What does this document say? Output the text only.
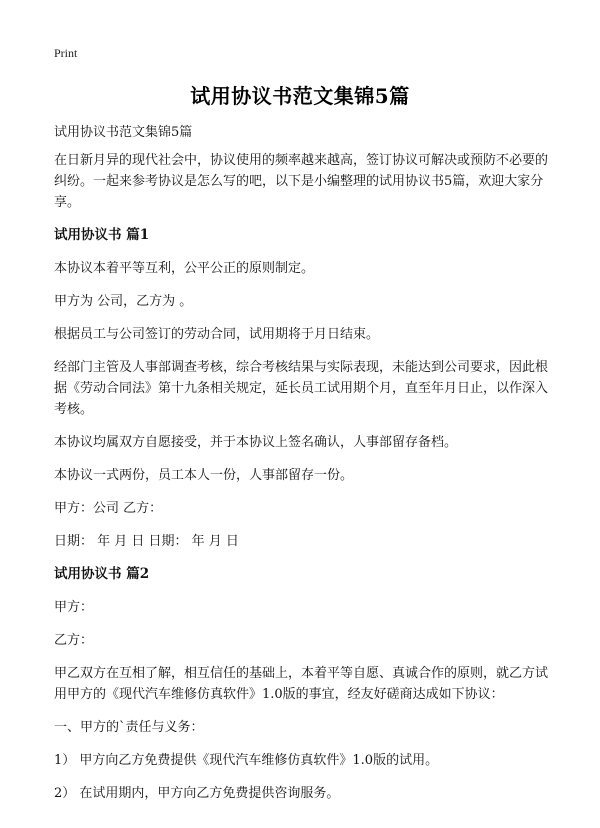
Print
试用协议书范文集锦5篇

试用协议书范文集锦5篇

在日新月异的现代社会中，协议使用的频率越来越高，签订协议可解决或预防不必要的纠纷。一起来参考协议是怎么写的吧，以下是小编整理的试用协议书5篇，欢迎大家分享。

试用协议书 篇1

本协议本着平等互利，公平公正的原则制定。

甲方为 公司，乙方为 。

根据员工与公司签订的劳动合同，试用期将于月日结束。

经部门主管及人事部调查考核，综合考核结果与实际表现，未能达到公司要求，因此根据《劳动合同法》第十九条相关规定，延长员工试用期个月，直至年月日止，以作深入考核。

本协议均属双方自愿接受，并于本协议上签名确认，人事部留存备档。

本协议一式两份，员工本人一份，人事部留存一份。

甲方：公司 乙方：

日期： 年 月 日 日期： 年 月 日

试用协议书 篇2

甲方：

乙方：

甲乙双方在互相了解，相互信任的基础上，本着平等自愿、真诚合作的原则，就乙方试用甲方的《现代汽车维修仿真软件》1.0版的事宜，经友好磋商达成如下协议：

一、甲方的`责任与义务：

1） 甲方向乙方免费提供《现代汽车维修仿真软件》1.0版的试用。

2） 在试用期内，甲方向乙方免费提供咨询服务。
